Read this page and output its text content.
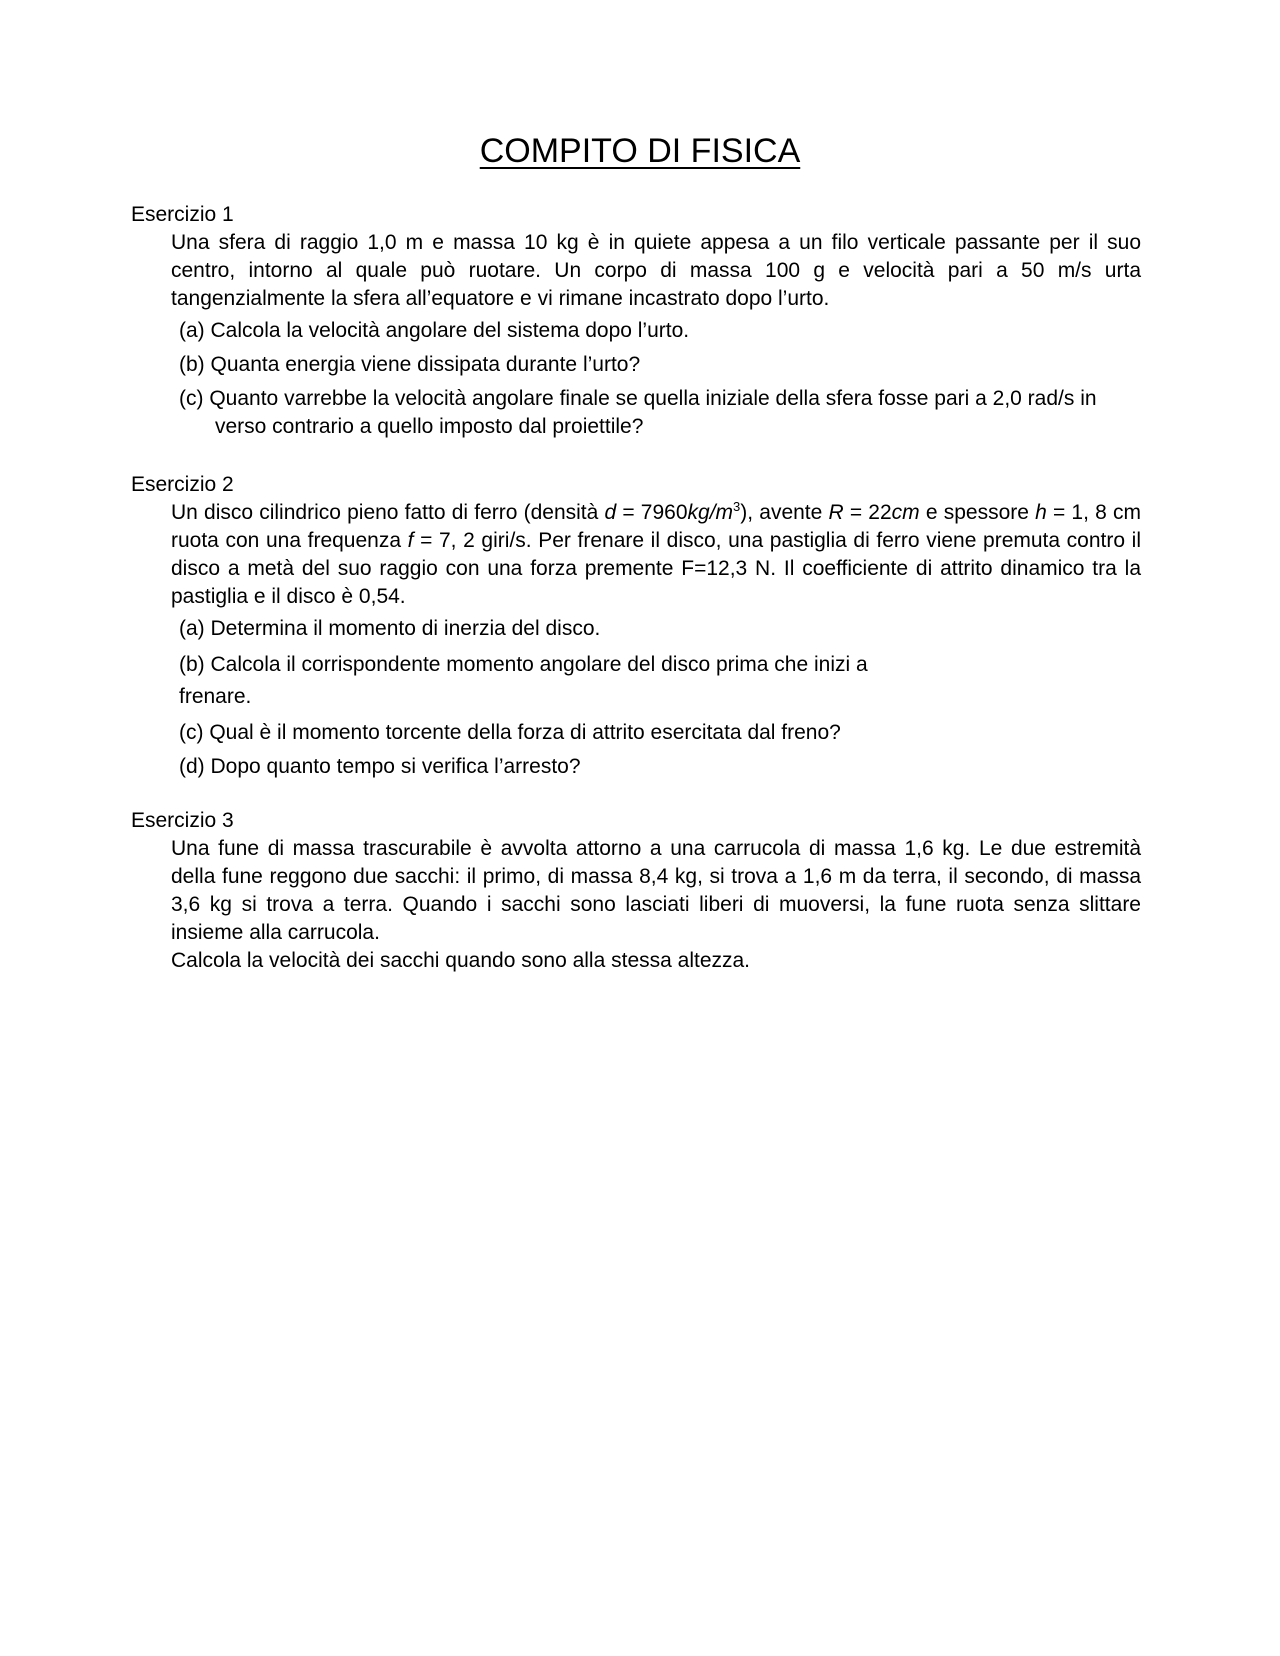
COMPITO DI FISICA
Esercizio 1

Una sfera di raggio 1,0 m e massa 10 kg è in quiete appesa a un filo verticale passante per il suo centro, intorno al quale può ruotare. Un corpo di massa 100 g e velocità pari a 50 m/s urta tangenzialmente la sfera all’equatore e vi rimane incastrato dopo l’urto.

(a) Calcola la velocità angolare del sistema dopo l’urto.
(b) Quanta energia viene dissipata durante l’urto?
(c) Quanto varrebbe la velocità angolare finale se quella iniziale della sfera fosse pari a 2,0 rad/s in verso contrario a quello imposto dal proiettile?
Esercizio 2

Un disco cilindrico pieno fatto di ferro (densità $d = 7960kg/m^3$), avente R = 22cm e spessore h = 1, 8 cm ruota con una frequenza f = 7, 2 giri/s. Per frenare il disco, una pastiglia di ferro viene premuta contro il disco a metà del suo raggio con una forza premente F=12,3 N. Il coefficiente di attrito dinamico tra la pastiglia e il disco è 0,54.

(a) Determina il momento di inerzia del disco.
(b) Calcola il corrispondente momento angolare del disco prima che inizi a frenare.
(c) Qual è il momento torcente della forza di attrito esercitata dal freno?
(d) Dopo quanto tempo si verifica l’arresto?
Esercizio 3

Una fune di massa trascurabile è avvolta attorno a una carrucola di massa 1,6 kg. Le due estremità della fune reggono due sacchi: il primo, di massa 8,4 kg, si trova a 1,6 m da terra, il secondo, di massa 3,6 kg si trova a terra. Quando i sacchi sono lasciati liberi di muoversi, la fune ruota senza slittare insieme alla carrucola.

Calcola la velocità dei sacchi quando sono alla stessa altezza.
